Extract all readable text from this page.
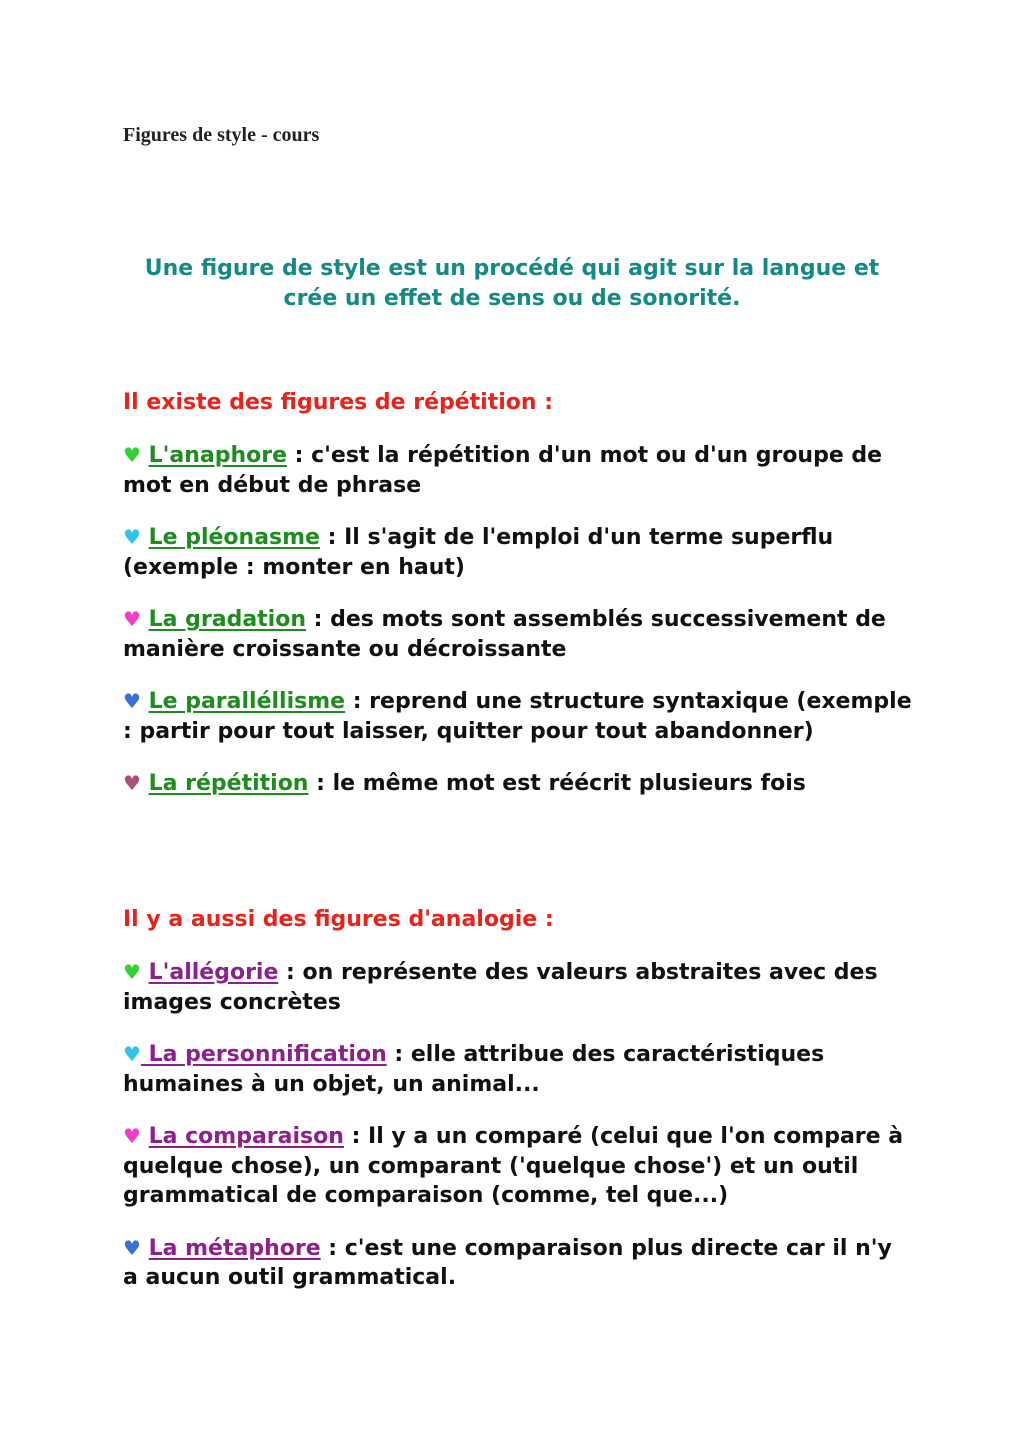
Figures de style - cours

Une figure de style est un procédé qui agit sur la langue et crée un effet de sens ou de sonorité.

Il existe des figures de répétition :

♥ L'anaphore : c'est la répétition d'un mot ou d'un groupe de mot en début de phrase

♥ Le pléonasme : Il s'agit de l'emploi d'un terme superflu (exemple : monter en haut)

♥ La gradation : des mots sont assemblés successivement de manière croissante ou décroissante

♥ Le paralléllisme : reprend une structure syntaxique (exemple : partir pour tout laisser, quitter pour tout abandonner)

♥ La répétition : le même mot est réécrit plusieurs fois

Il y a aussi des figures d'analogie :

♥ L'allégorie : on représente des valeurs abstraites avec des images concrètes

♥ La personnification : elle attribue des caractéristiques humaines à un objet, un animal...

♥ La comparaison : Il y a un comparé (celui que l'on compare à quelque chose), un comparant ('quelque chose') et un outil grammatical de comparaison (comme, tel que...)

♥ La métaphore : c'est une comparaison plus directe car il n'y a aucun outil grammatical.
